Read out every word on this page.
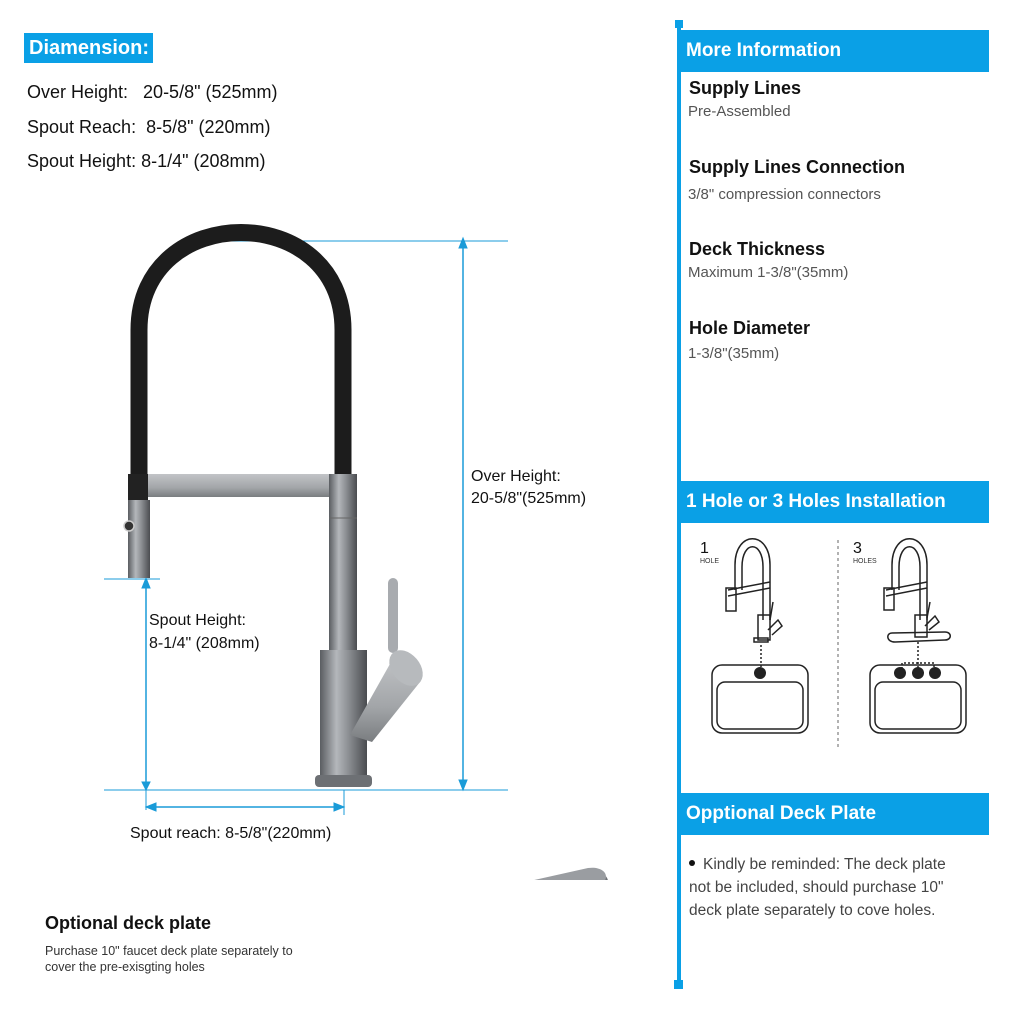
Diamension:
Over Height:   20-5/8" (525mm)
Spout Reach:  8-5/8" (220mm)
Spout Height: 8-1/4" (208mm)
Over Height:
20-5/8"(525mm)
Spout Height:
8-1/4" (208mm)
Spout reach: 8-5/8"(220mm)
Optional deck plate
Purchase 10" faucet deck plate separately to
cover the pre-exisgting holes
More Information
Supply Lines
Pre-Assembled
Supply Lines Connection
3/8" compression connectors
Deck Thickness
Maximum 1-3/8"(35mm)
Hole Diameter
1-3/8"(35mm)
1 Hole or 3 Holes Installation
1
HOLE
3
HOLES
Opptional Deck Plate
Kindly be reminded: The deck plate
not be included, should purchase 10"
deck plate separately to cove holes.
